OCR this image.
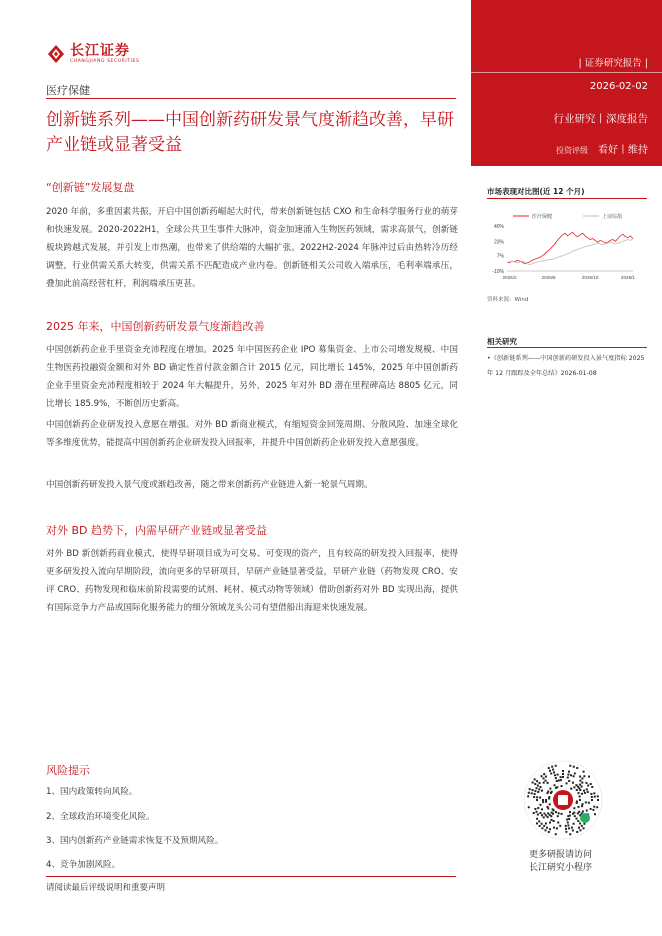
| 证券研究报告 |
2026-02-02
行业研究丨深度报告
投资评级 看好丨维持
长江证券
CHANGJIANG SECURITIES
医疗保健
创新链系列——中国创新药研发景气度渐趋改善，早研产业链或显著受益
“创新链”发展复盘

2020 年前，多重因素共振，开启中国创新药崛起大时代，带来创新链包括 CXO 和生命科学服务行业的萌芽和快速发展。2020-2022H1，全球公共卫生事件大脉冲，资金加速涌入生物医药领域，需求高景气，创新链板块跨越式发展，并引发上市热潮，也带来了供给端的大幅扩张。2022H2-2024 年脉冲过后由热转冷历经调整，行业供需关系大转变，供需关系不匹配造成产业内卷。创新链相关公司收入端承压，毛利率端承压，叠加此前高经营杠杆，利润端承压更甚。

2025 年来，中国创新药研发景气度渐趋改善

中国创新药企业手里资金充沛程度在增加。2025 年中国医药企业 IPO 募集资金、上市公司增发规模、中国生物医药投融资金额和对外 BD 确定性首付款金额合计 2015 亿元，同比增长 145%，2025 年中国创新药企业手里资金充沛程度相较于 2024 年大幅提升，另外，2025 年对外 BD 潜在里程碑高达 8805 亿元，同比增长 185.9%，不断创历史新高。

中国创新药企业研发投入意愿在增强。对外 BD 新商业模式，有缩短资金回笼周期、分散风险、加速全球化等多维度优势，能提高中国创新药企业研发投入回报率，并提升中国创新药企业研发投入意愿强度。

中国创新药研发投入景气度或渐趋改善，随之带来创新药产业链进入新一轮景气周期。

对外 BD 趋势下，内需早研产业链或显著受益

对外 BD 新创新药商业模式，使得早研项目成为可交易、可变现的资产，且有较高的研发投入回报率，使得更多研发投入流向早期阶段，流向更多的早研项目，早研产业链显著受益，早研产业链（药物发现 CRO、安评 CRO、药物发现和临床前阶段需要的试剂、耗材、模式动物等领域）借助创新药对外 BD 实现出海，提供有国际竞争力产品或国际化服务能力的细分领域龙头公司有望借船出海迎来快速发展。

风险提示
1、国内政策转向风险。
2、全球政治环境变化风险。
3、国内创新药产业链需求恢复不及预期风险。
4、竞争加剧风险。
请阅读最后评级说明和重要声明
市场表现对比图(近 12 个月)
40%
23%
7%
-10%
2025/2	2025/6	2025/10	2026/1
医疗保健	上证综指
资料来源：Wind
相关研究
•《创新链系列——中国创新药研发投入景气度指标 2025 年 12 月跟踪及全年总结》2026-01-08
更多研报请访问
长江研究小程序
